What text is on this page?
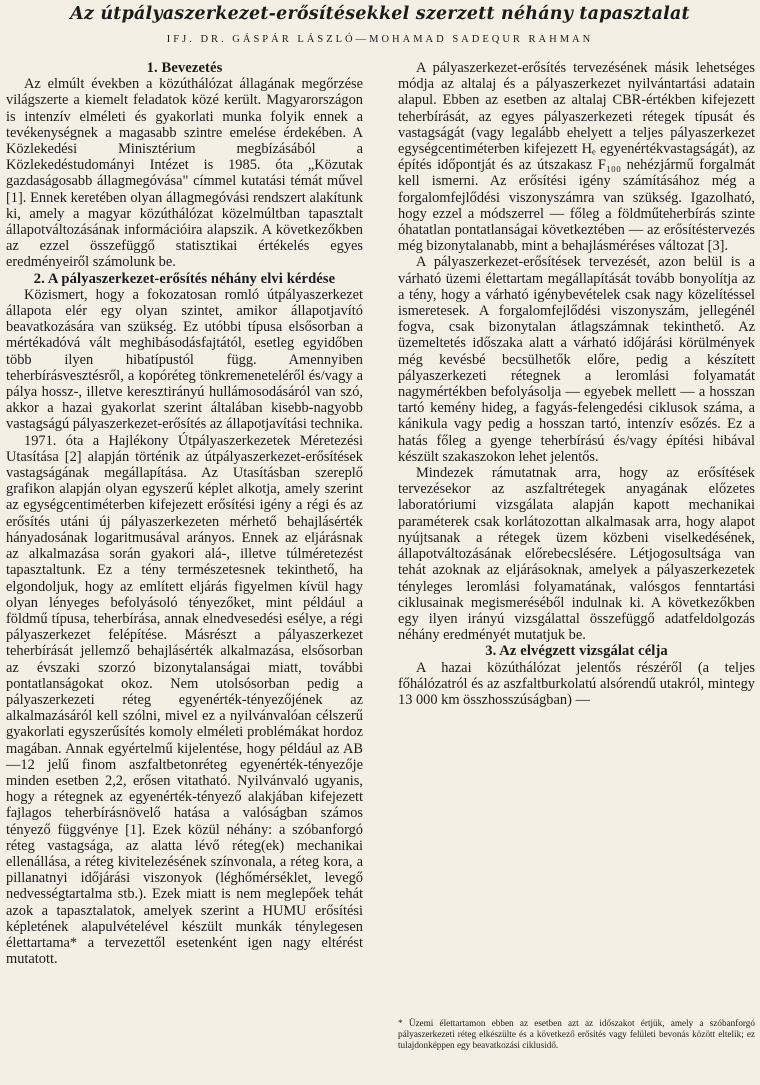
Az útpályaszerkezet-erősítésekkel szerzett néhány tapasztalat
IFJ. DR. GÁSPÁR LÁSZLÓ—MOHAMAD SADEQUR RAHMAN
1. Bevezetés

Az elmúlt években a közúthálózat állagának megőrzése világszerte a kiemelt feladatok közé került. Magyarországon is intenzív elméleti és gyakorlati munka folyik ennek a tevékenységnek a magasabb szintre emelése érdekében. A Közlekedési Minisztérium megbízásából a Közlekedéstudományi Intézet is 1985. óta „Közutak gazdaságosabb állagmegóvása" címmel kutatási témát művel [1]. Ennek keretében olyan állagmegóvási rendszert alakítunk ki, amely a magyar közúthálózat közelmúltban tapasztalt állapotváltozásának információira alapszik. A következőkben az ezzel összefüggő statisztikai értékelés egyes eredményeiről számolunk be.

2. A pályaszerkezet-erősítés néhány elvi kérdése

Közismert, hogy a fokozatosan romló útpályaszerkezet állapota elér egy olyan szintet, amikor állapotjavító beavatkozására van szükség. Ez utóbbi típusa elsősorban a mértékadóvá vált meghibásodásfajtától, esetleg egyidőben több ilyen hibatípustól függ. Amennyiben teherbírásvesztésről, a kopóréteg tönkremeneteléről és/vagy a pálya hossz-, illetve keresztirányú hullámosodásáról van szó, akkor a hazai gyakorlat szerint általában kisebb-nagyobb vastagságú pályaszerkezet-erősítés az állapotjavítási technika.

1971. óta a Hajlékony Útpályaszerkezetek Méretezési Utasítása [2] alapján történik az útpályaszerkezet-erősítések vastagságának megállapítása. Az Utasításban szereplő grafikon alapján olyan egyszerű képlet alkotja, amely szerint az egységcentiméterben kifejezett erősítési igény a régi és az erősítés utáni új pályaszerkezeten mérhető behajlásérték hányadosának logaritmusával arányos. Ennek az eljárásnak az alkalmazása során gyakori alá-, illetve túlméretezést tapasztaltunk. Ez a tény természetesnek tekinthető, ha elgondoljuk, hogy az említett eljárás figyelmen kívül hagy olyan lényeges befolyásoló tényezőket, mint például a földmű típusa, teherbírása, annak elnedvesedési esélye, a régi pályaszerkezet felépítése. Másrészt a pályaszerkezet teherbírását jellemző behajlásérték alkalmazása, elsősorban az évszaki szorzó bizonytalanságai miatt, további pontatlanságokat okoz. Nem utolsósorban pedig a pályaszerkezeti réteg egyenérték-tényezőjének az alkalmazásáról kell szólni, mivel ez a nyilvánvalóan célszerű gyakorlati egyszerűsítés komoly elméleti problémákat hordoz magában. Annak egyértelmű kijelentése, hogy például az AB—12 jelű finom aszfaltbetonréteg egyenérték-tényezője minden esetben 2,2, erősen vitatható. Nyilvánvaló ugyanis, hogy a rétegnek az egyenérték-tényező alakjában kifejezett fajlagos teherbírásnövelő hatása a valóságban számos tényező függvénye [1]. Ezek közül néhány: a szóbanforgó réteg vastagsága, az alatta lévő réteg(ek) mechanikai ellenállása, a réteg kivitelezésének színvonala, a réteg kora, a pillanatnyi időjárási viszonyok (léghőmérséklet, levegő nedvességtartalma stb.). Ezek miatt is nem meglepőek tehát azok a tapasztalatok, amelyek szerint a HUMU erősítési képletének alapulvételével készült munkák ténylegesen élettartama* a tervezettől esetenként igen nagy eltérést mutatott.

A pályaszerkezet-erősítés tervezésének másik lehetséges módja az altalaj és a pályaszerkezet nyilvántartási adatain alapul. Ebben az esetben az altalaj CBR-értékben kifejezett teherbírását, az egyes pályaszerkezeti rétegek típusát és vastagságát (vagy legalább ehelyett a teljes pályaszerkezet egységcentiméterben kifejezett Hₑ egyenértékvastagságát), az építés időpontját és az útszakasz F₁₀₀ nehézjármű forgalmát kell ismerni. Az erősítési igény számításához még a forgalomfejlődési viszonyszámra van szükség. Igazolható, hogy ezzel a módszerrel — főleg a földműteherbírás szinte óhatatlan pontatlanságai következtében — az erősítéstervezés még bizonytalanabb, mint a behajlásméréses változat [3].

A pályaszerkezet-erősítések tervezését, azon belül is a várható üzemi élettartam megállapítását tovább bonyolítja az a tény, hogy a várható igénybevételek csak nagy közelítéssel ismeretesek. A forgalomfejlődési viszonyszám, jellegénél fogva, csak bizonytalan átlagszámnak tekinthető. Az üzemeltetés időszaka alatt a várható időjárási körülmények még kevésbé becsülhetők előre, pedig a készített pályaszerkezeti rétegnek a leromlási folyamatát nagymértékben befolyásolja — egyebek mellett — a hosszan tartó kemény hideg, a fagyás-felengedési ciklusok száma, a kánikula vagy pedig a hosszan tartó, intenzív esőzés. Ez a hatás főleg a gyenge teherbírású és/vagy építési hibával készült szakaszokon lehet jelentős.

Mindezek rámutatnak arra, hogy az erősítések tervezésekor az aszfaltrétegek anyagának előzetes laboratóriumi vizsgálata alapján kapott mechanikai paraméterek csak korlátozottan alkalmasak arra, hogy alapot nyújtsanak a rétegek üzem közbeni viselkedésének, állapotváltozásának előrebecslésére. Létjogosultsága van tehát azoknak az eljárásoknak, amelyek a pályaszerkezetek tényleges leromlási folyamatának, valósgos fenntartási ciklusainak megismeréséből indulnak ki. A következőkben egy ilyen irányú vizsgálattal összefüggő adatfeldolgozás néhány eredményét mutatjuk be.

3. Az elvégzett vizsgálat célja

A hazai közúthálózat jelentős részéről (a teljes főhálózatról és az aszfaltburkolatú alsórendű utakról, mintegy 13 000 km összhosszúságban) —

* Üzemi élettartamon ebben az esetben azt az időszakot értjük, amely a szóbanforgó pályaszerkezeti réteg elkészülte és a következő erősítés vagy felületi bevonás között eltelik; ez tulajdonképpen egy beavatkozási ciklusidő.
